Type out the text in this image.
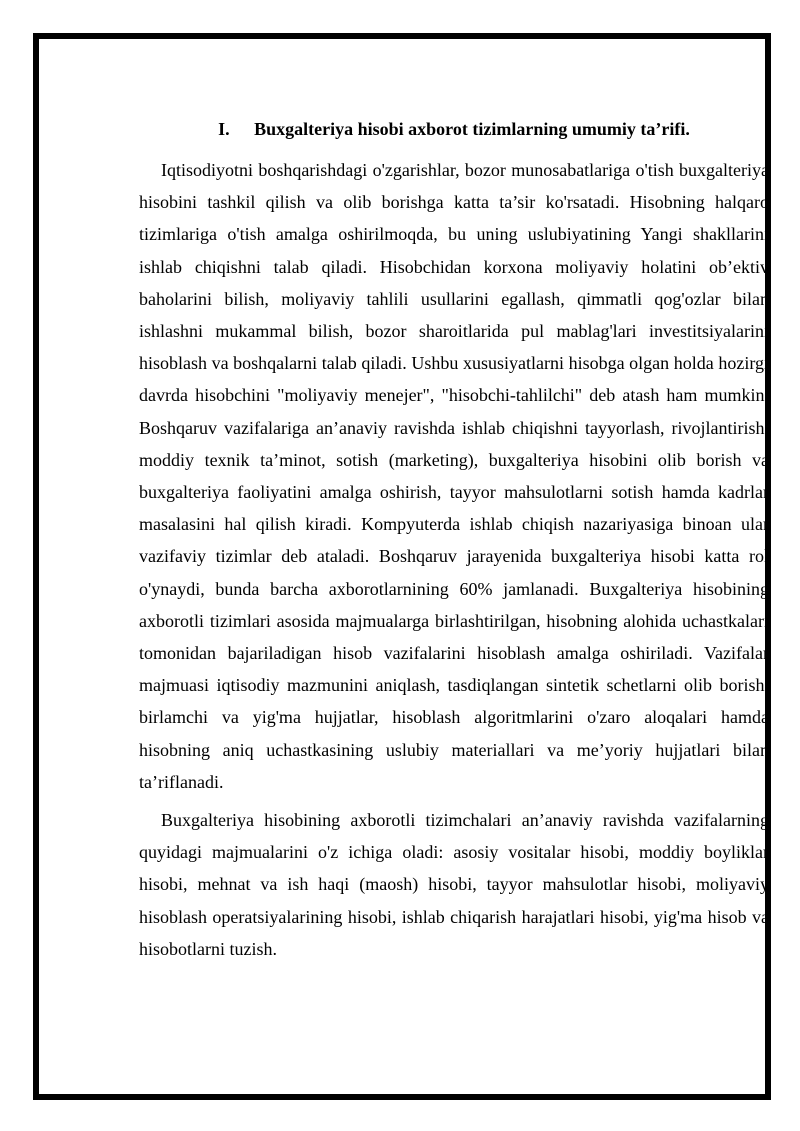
I. Buxgalteriya hisobi axborot tizimlarning umumiy ta’rifi.

Iqtisodiyotni boshqarishdagi o'zgarishlar, bozor munosabatlariga o'tish buxgalteriya hisobini tashkil qilish va olib borishga katta ta’sir ko'rsatadi. Hisobning halqaro tizimlariga o'tish amalga oshirilmoqda, bu uning uslubiyatining Yangi shakllarini ishlab chiqishni talab qiladi. Hisobchidan korxona moliyaviy holatini ob’ektiv baholarini bilish, moliyaviy tahlili usullarini egallash, qimmatli qog'ozlar bilan ishlashni mukammal bilish, bozor sharoitlarida pul mablag'lari investitsiyalarini hisoblash va boshqalarni talab qiladi. Ushbu xususiyatlarni hisobga olgan holda hozirgi davrda hisobchini "moliyaviy menejer", "hisobchi-tahlilchi" deb atash ham mumkin. Boshqaruv vazifalariga an’anaviy ravishda ishlab chiqishni tayyorlash, rivojlantirish, moddiy texnik ta’minot, sotish (marketing), buxgalteriya hisobini olib borish va buxgalteriya faoliyatini amalga oshirish, tayyor mahsulotlarni sotish hamda kadrlar masalasini hal qilish kiradi. Kompyuterda ishlab chiqish nazariyasiga binoan ular vazifaviy tizimlar deb ataladi. Boshqaruv jarayenida buxgalteriya hisobi katta rol o'ynaydi, bunda barcha axborotlarnining 60% jamlanadi. Buxgalteriya hisobining axborotli tizimlari asosida majmualarga birlashtirilgan, hisobning alohida uchastkalari tomonidan bajariladigan hisob vazifalarini hisoblash amalga oshiriladi. Vazifalar majmuasi iqtisodiy mazmunini aniqlash, tasdiqlangan sintetik schetlarni olib borish, birlamchi va yig'ma hujjatlar, hisoblash algoritmlarini o'zaro aloqalari hamda hisobning aniq uchastkasining uslubiy materiallari va me’yoriy hujjatlari bilan ta’riflanadi.

Buxgalteriya hisobining axborotli tizimchalari an’anaviy ravishda vazifalarning quyidagi majmualarini o'z ichiga oladi: asosiy vositalar hisobi, moddiy boyliklar hisobi, mehnat va ish haqi (maosh) hisobi, tayyor mahsulotlar hisobi, moliyaviy hisoblash operatsiyalarining hisobi, ishlab chiqarish harajatlari hisobi, yig'ma hisob va hisobotlarni tuzish.
